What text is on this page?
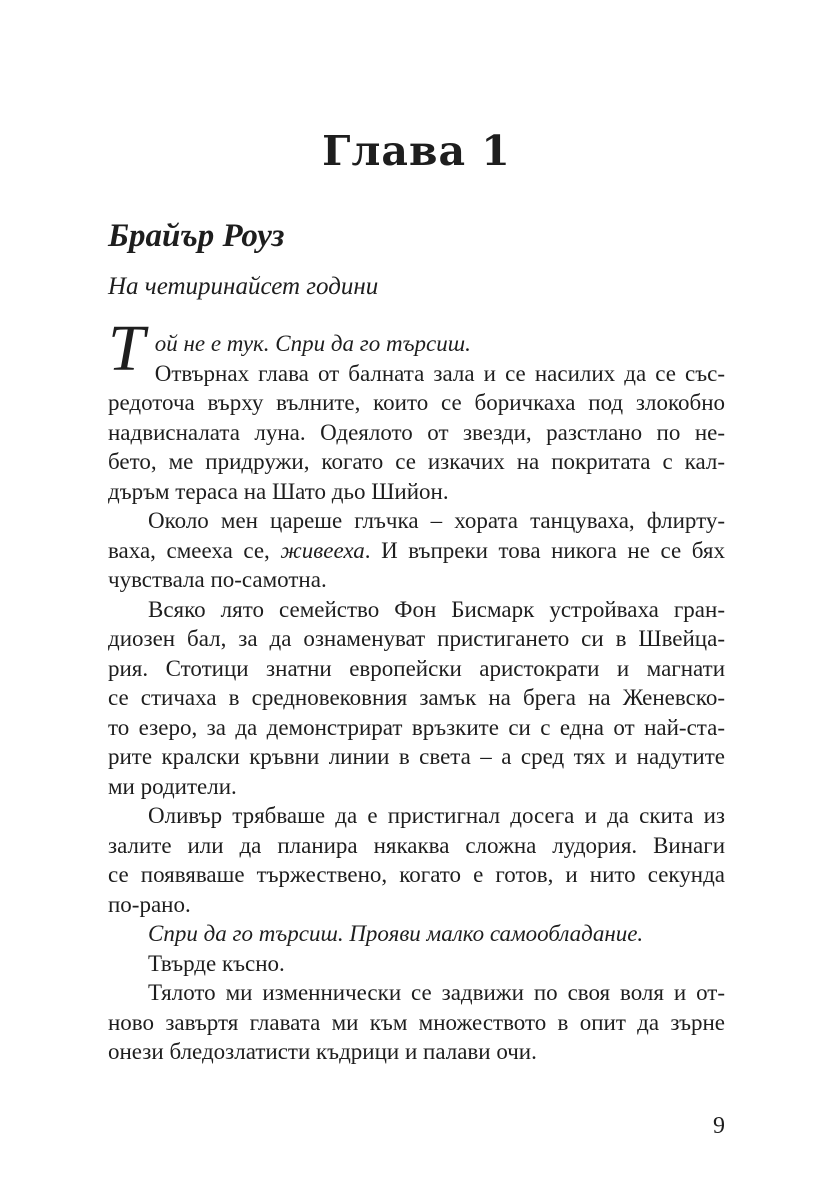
Глава 1
Брайър Роуз
На четиринайсет години
Т ой не е тук. Спри да го търсиш.
Отвърнах глава от балната зала и се насилих да се със-
редоточа върху вълните, които се боричкаха под злокобно
надвисналата луна. Одеялото от звезди, разстлано по не-
бето, ме придружи, когато се изкачих на покритата с кал-
дъръм тераса на Шато дьо Шийон.
Около мен цареше глъчка – хората танцуваха, флирту-
ваха, смееха се, живееха. И въпреки това никога не се бях
чувствала по-самотна.
Всяко лято семейство Фон Бисмарк устройваха гран-
диозен бал, за да ознаменуват пристигането си в Швейца-
рия. Стотици знатни европейски аристократи и магнати
се стичаха в средновековния замък на брега на Женевско-
то езеро, за да демонстрират връзките си с една от най-ста-
рите кралски кръвни линии в света – а сред тях и надутите
ми родители.
Оливър трябваше да е пристигнал досега и да скита из
залите или да планира някаква сложна лудория. Винаги
се появяваше тържествено, когато е готов, и нито секунда
по-рано.
Спри да го търсиш. Прояви малко самообладание.
Твърде късно.
Тялото ми изменнически се задвижи по своя воля и от-
ново завъртя главата ми към множеството в опит да зърне
онези бледозлатисти къдрици и палави очи.
9
